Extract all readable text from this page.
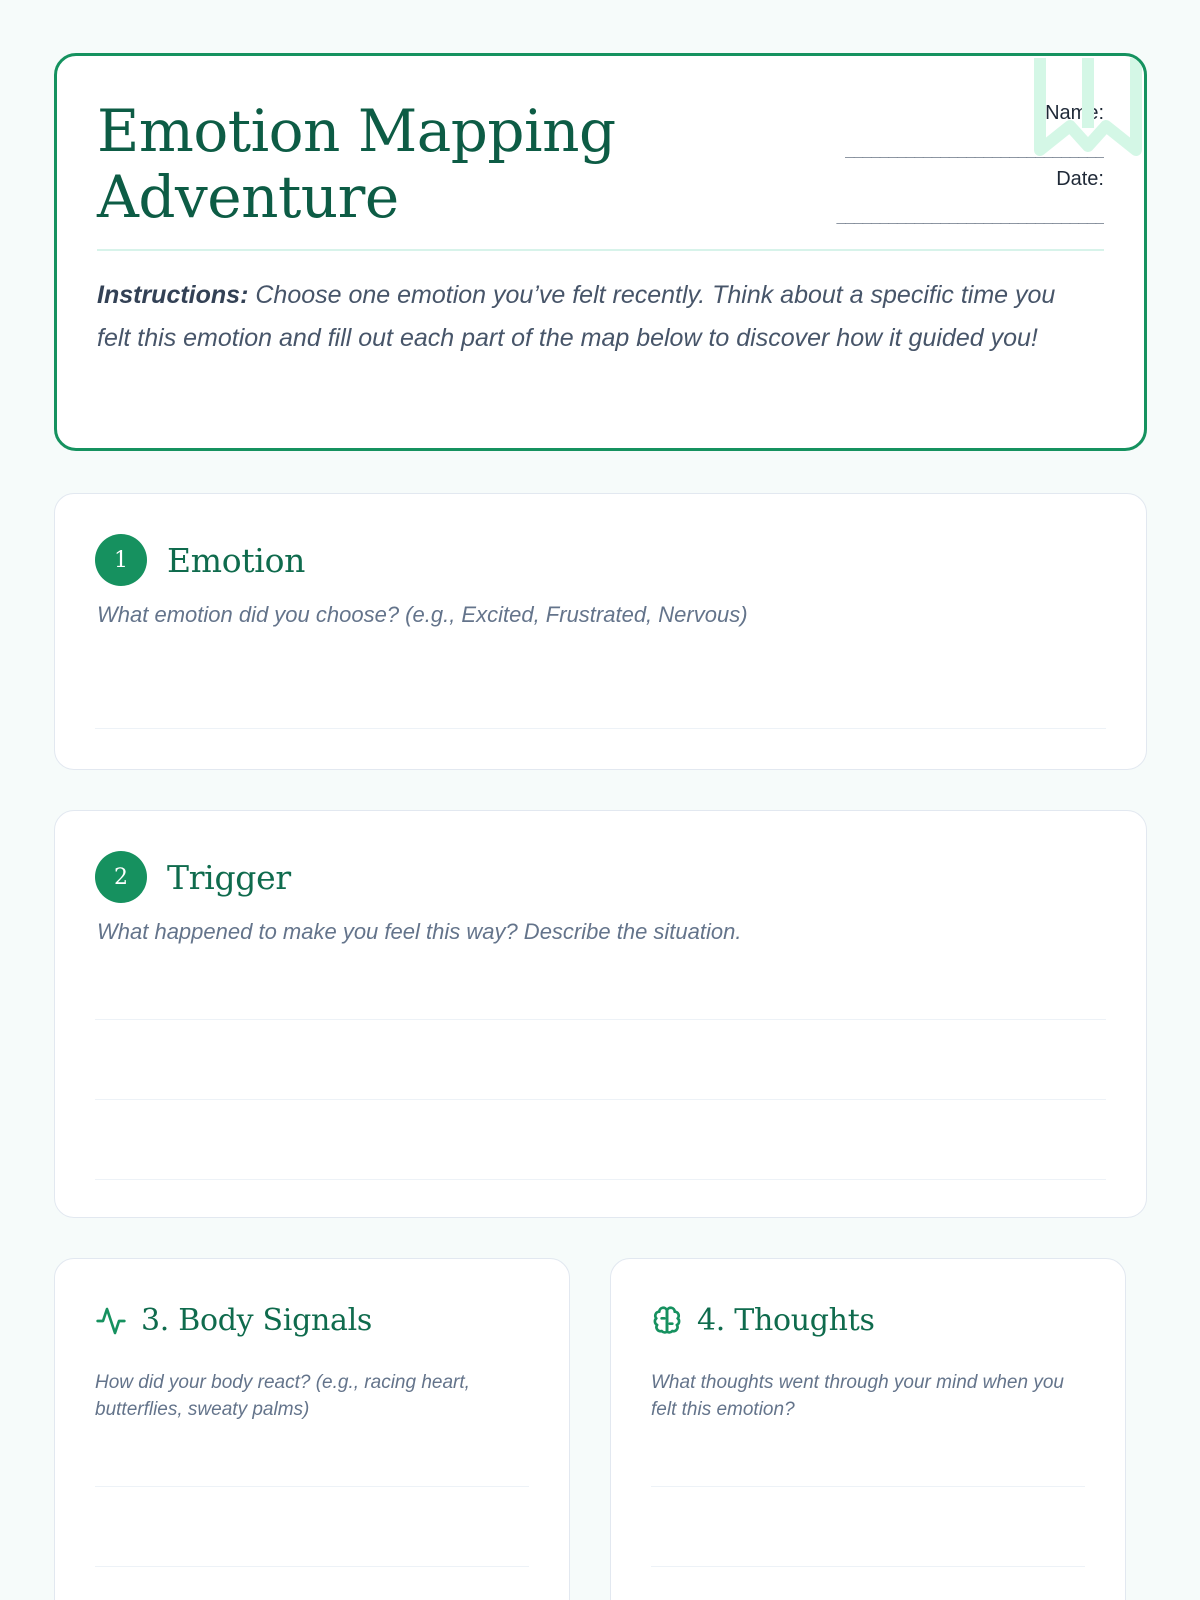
Emotion Mapping
Adventure
Name:
______________________________
Date:
_______________________________

Instructions: Choose one emotion you’ve felt recently. Think about a specific time you felt this emotion and fill out each part of the map below to discover how it guided you!

1	Emotion
What emotion did you choose? (e.g., Excited, Frustrated, Nervous)
2	Trigger
What happened to make you feel this way? Describe the situation.
3. Body Signals
How did your body react? (e.g., racing heart, butterflies, sweaty palms)
4. Thoughts
What thoughts went through your mind when you felt this emotion?
